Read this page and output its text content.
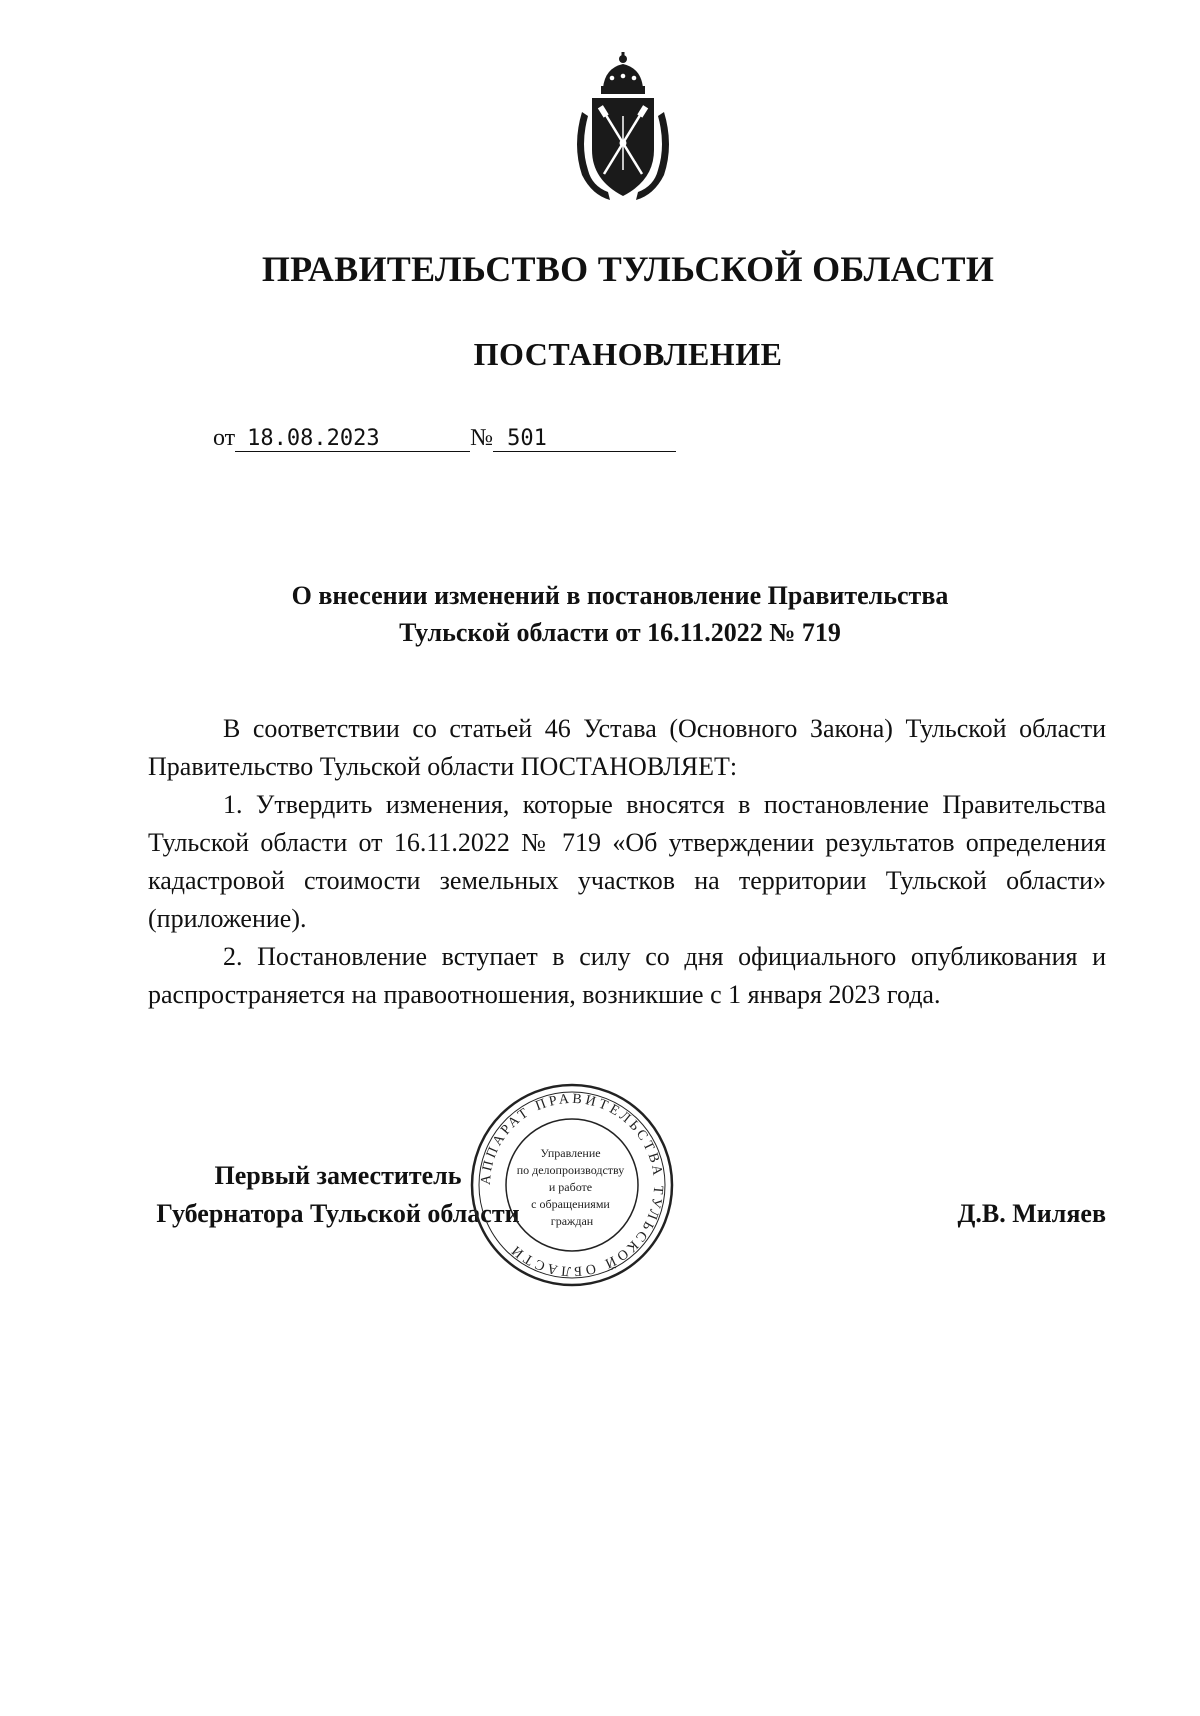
ПРАВИТЕЛЬСТВО ТУЛЬСКОЙ ОБЛАСТИ
ПОСТАНОВЛЕНИЕ
от 18.08.2023	№ 501
О внесении изменений в постановление Правительства
Тульской области от 16.11.2022 № 719

В соответствии со статьей 46 Устава (Основного Закона) Тульской области Правительство Тульской области ПОСТАНОВЛЯЕТ:

1. Утвердить изменения, которые вносятся в постановление Правительства Тульской области от 16.11.2022 № 719 «Об утверждении результатов определения кадастровой стоимости земельных участков на территории Тульской области» (приложение).

2. Постановление вступает в силу со дня официального опубликования и распространяется на правоотношения, возникшие с 1 января 2023 года.

Первый заместитель
Губернатора Тульской области	Д.В. Миляев
АППАРАТ ПРАВИТЕЛЬСТВА ТУЛЬСКОЙ ОБЛАСТИ
Управление по делопроизводству и работе с обращениями граждан
